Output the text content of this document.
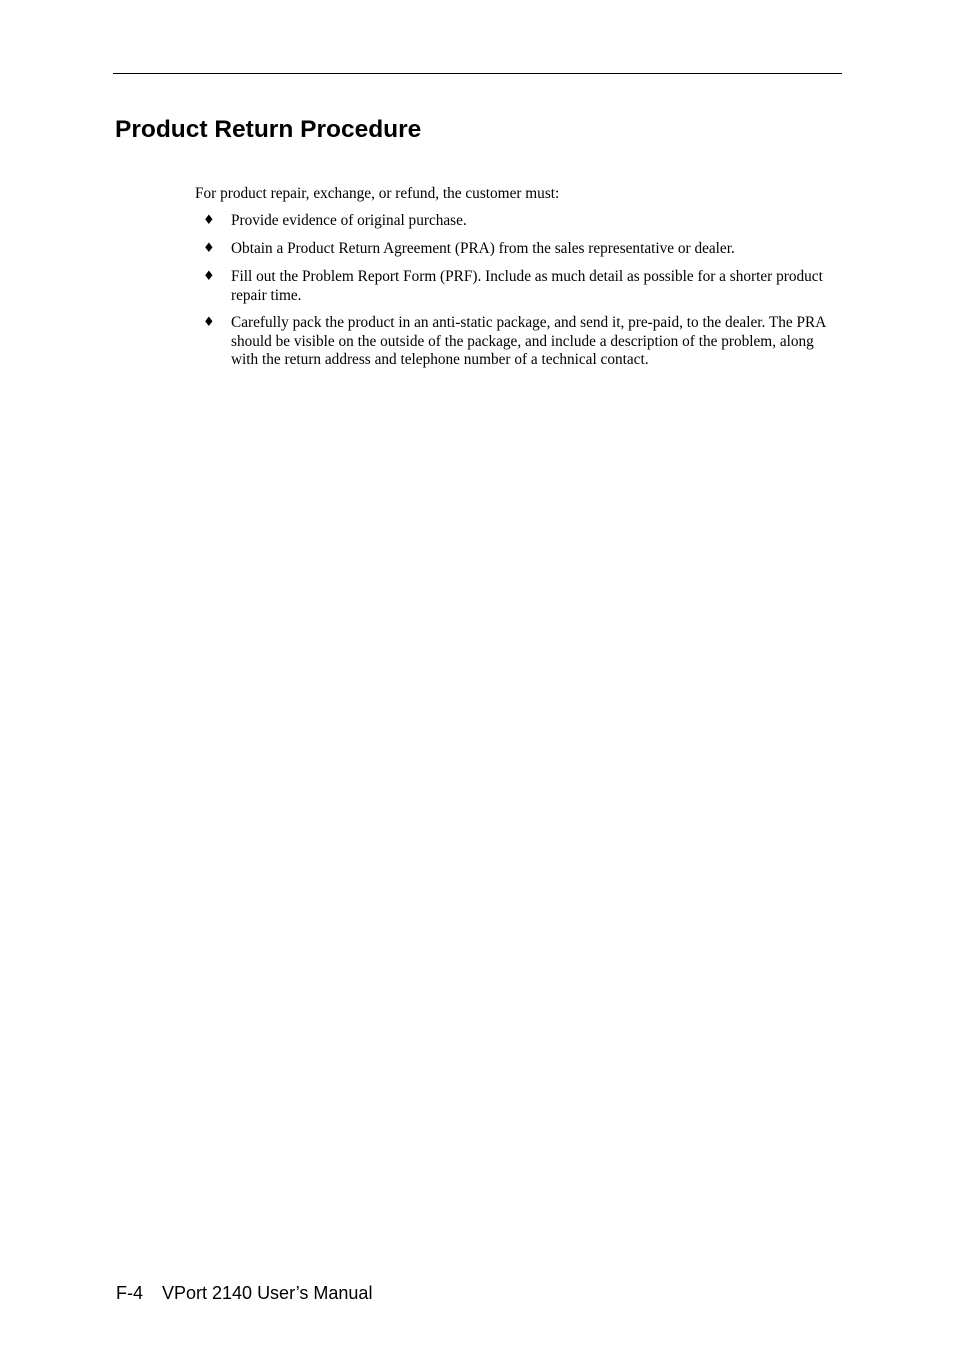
Product Return Procedure

For product repair, exchange, or refund, the customer must:

♦ Provide evidence of original purchase.
♦ Obtain a Product Return Agreement (PRA) from the sales representative or dealer.
♦ Fill out the Problem Report Form (PRF). Include as much detail as possible for a shorter product repair time.
♦ Carefully pack the product in an anti-static package, and send it, pre-paid, to the dealer. The PRA should be visible on the outside of the package, and include a description of the problem, along with the return address and telephone number of a technical contact.
F-4 VPort 2140 User’s Manual
